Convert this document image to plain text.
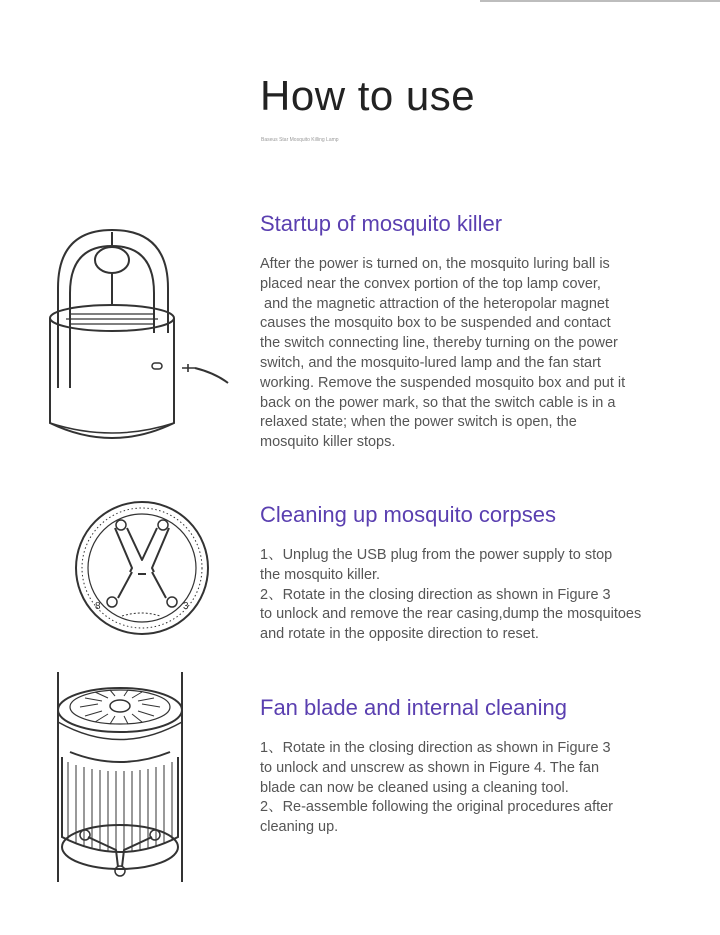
How to use

Baseus Star Mosquito Killing Lamp

8	3
Startup of mosquito killer
After the power is turned on, the mosquito luring ball is
placed near the convex portion of the top lamp cover,
and the magnetic attraction of the heteropolar magnet
causes the mosquito box to be suspended and contact
the switch connecting line, thereby turning on the power
switch, and the mosquito-lured lamp and the fan start
working. Remove the suspended mosquito box and put it
back on the power mark, so that the switch cable is in a
relaxed state; when the power switch is open, the
mosquito killer stops.
Cleaning up mosquito corpses
1、Unplug the USB plug from the power supply to stop
the mosquito killer.
2、Rotate in the closing direction as shown in Figure 3
to unlock and remove the rear casing,dump the mosquitoes
and rotate in the opposite direction to reset.
Fan blade and internal cleaning
1、Rotate in the closing direction as shown in Figure 3
to unlock and unscrew as shown in Figure 4. The fan
blade can now be cleaned using a cleaning tool.
2、Re-assemble following the original procedures after
cleaning up.
